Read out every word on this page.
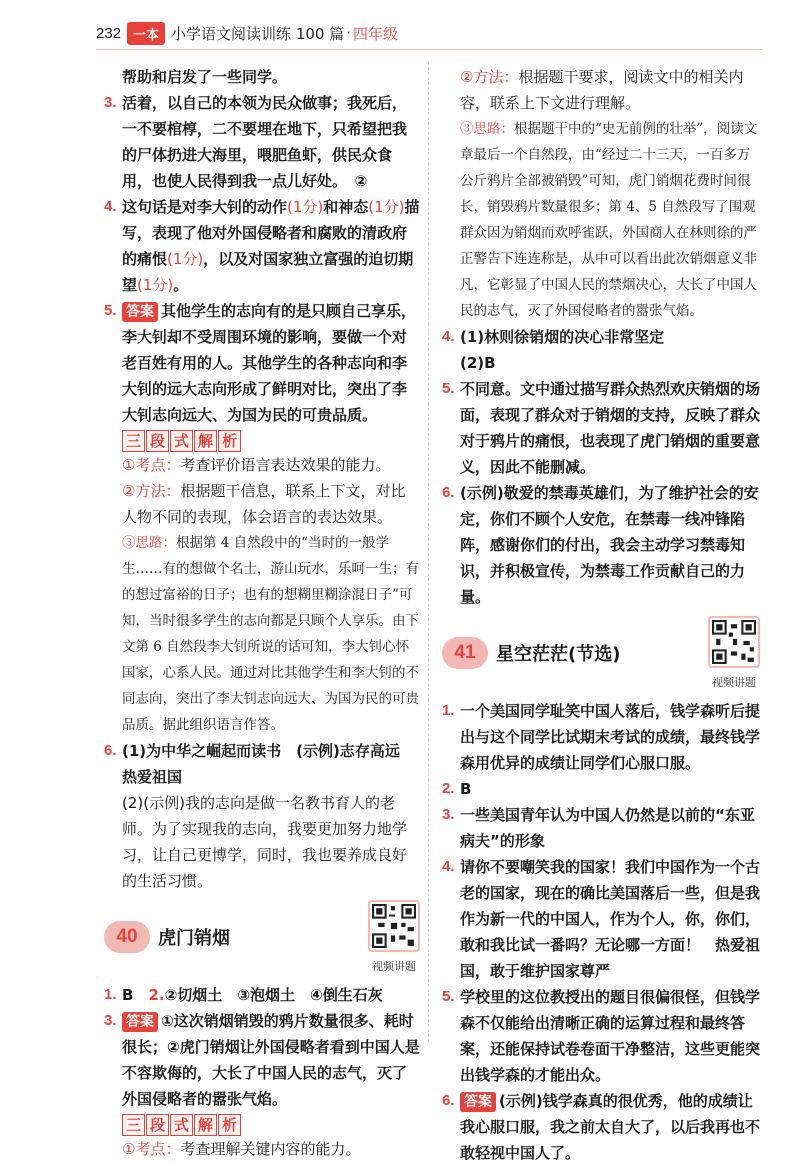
232 一本 小学语文阅读训练 100 篇 · 四年级

帮助和启发了一些同学。

3. 活着，以自己的本领为民众做事；我死后，一不要棺椁，二不要埋在地下，只希望把我的尸体扔进大海里，喂肥鱼虾，供民众食用，也使人民得到我一点儿好处。　②

4. 这句话是对李大钊的动作(1分)和神态(1分)描写，表现了他对外国侵略者和腐败的清政府的痛恨(1分)，以及对国家独立富强的迫切期望(1分)。

5. 答案 其他学生的志向有的是只顾自己享乐，李大钊却不受周围环境的影响，要做一个对老百姓有用的人。其他学生的各种志向和李大钊的远大志向形成了鲜明对比，突出了李大钊志向远大、为国为民的可贵品质。

三 段 式 解 析

①考点：考查评价语言表达效果的能力。

②方法：根据题干信息，联系上下文，对比人物不同的表现，体会语言的表达效果。

③思路：根据第 4 自然段中的“当时的一般学生……有的想做个名士，游山玩水，乐呵一生；有的想过富裕的日子；也有的想糊里糊涂混日子”可知，当时很多学生的志向都是只顾个人享乐。由下文第 6 自然段李大钊所说的话可知，李大钊心怀国家，心系人民。通过对比其他学生和李大钊的不同志向，突出了李大钊志向远大、为国为民的可贵品质。据此组织语言作答。

6. (1)为中华之崛起而读书　(示例)志存高远　热爱祖国

(2)(示例)我的志向是做一名教书育人的老师。为了实现我的志向，我要更加努力地学习，让自己更博学，同时，我也要养成良好的生活习惯。

40	虎门销烟
视频讲题

1. B　 2.②切烟土　③泡烟土　④倒生石灰

3. 答案 ①这次销烟销毁的鸦片数量很多、耗时很长；②虎门销烟让外国侵略者看到中国人是不容欺侮的，大长了中国人民的志气，灭了外国侵略者的嚣张气焰。

三 段 式 解 析

①考点：考查理解关键内容的能力。

②方法：根据题干要求，阅读文中的相关内容，联系上下文进行理解。

③思路：根据题干中的“史无前例的壮举”，阅读文章最后一个自然段，由“经过二十三天，一百多万公斤鸦片全部被销毁”可知，虎门销烟花费时间很长，销毁鸦片数量很多；第 4、5 自然段写了围观群众因为销烟而欢呼雀跃，外国商人在林则徐的严正警告下连连称是，从中可以看出此次销烟意义非凡，它彰显了中国人民的禁烟决心，大长了中国人民的志气，灭了外国侵略者的嚣张气焰。

4. (1)林则徐销烟的决心非常坚定

(2)B

5. 不同意。文中通过描写群众热烈欢庆销烟的场面，表现了群众对于销烟的支持，反映了群众对于鸦片的痛恨，也表现了虎门销烟的重要意义，因此不能删减。

6. (示例)敬爱的禁毒英雄们，为了维护社会的安定，你们不顾个人安危，在禁毒一线冲锋陷阵，感谢你们的付出，我会主动学习禁毒知识，并积极宣传，为禁毒工作贡献自己的力量。

41	星空茫茫(节选)
视频讲题

1. 一个美国同学耻笑中国人落后，钱学森听后提出与这个同学比试期末考试的成绩，最终钱学森用优异的成绩让同学们心服口服。

2. B

3. 一些美国青年认为中国人仍然是以前的“东亚病夫”的形象

4. 请你不要嘲笑我的国家！我们中国作为一个古老的国家，现在的确比美国落后一些，但是我作为新一代的中国人，作为个人，你，你们，敢和我比试一番吗？无论哪一方面！　热爱祖国，敢于维护国家尊严

5. 学校里的这位教授出的题目很偏很怪，但钱学森不仅能给出清晰正确的运算过程和最终答案，还能保持试卷卷面干净整洁，这些更能突出钱学森的才能出众。

6. 答案 (示例)钱学森真的很优秀，他的成绩让我心服口服，我之前太自大了，以后我再也不敢轻视中国人了。
